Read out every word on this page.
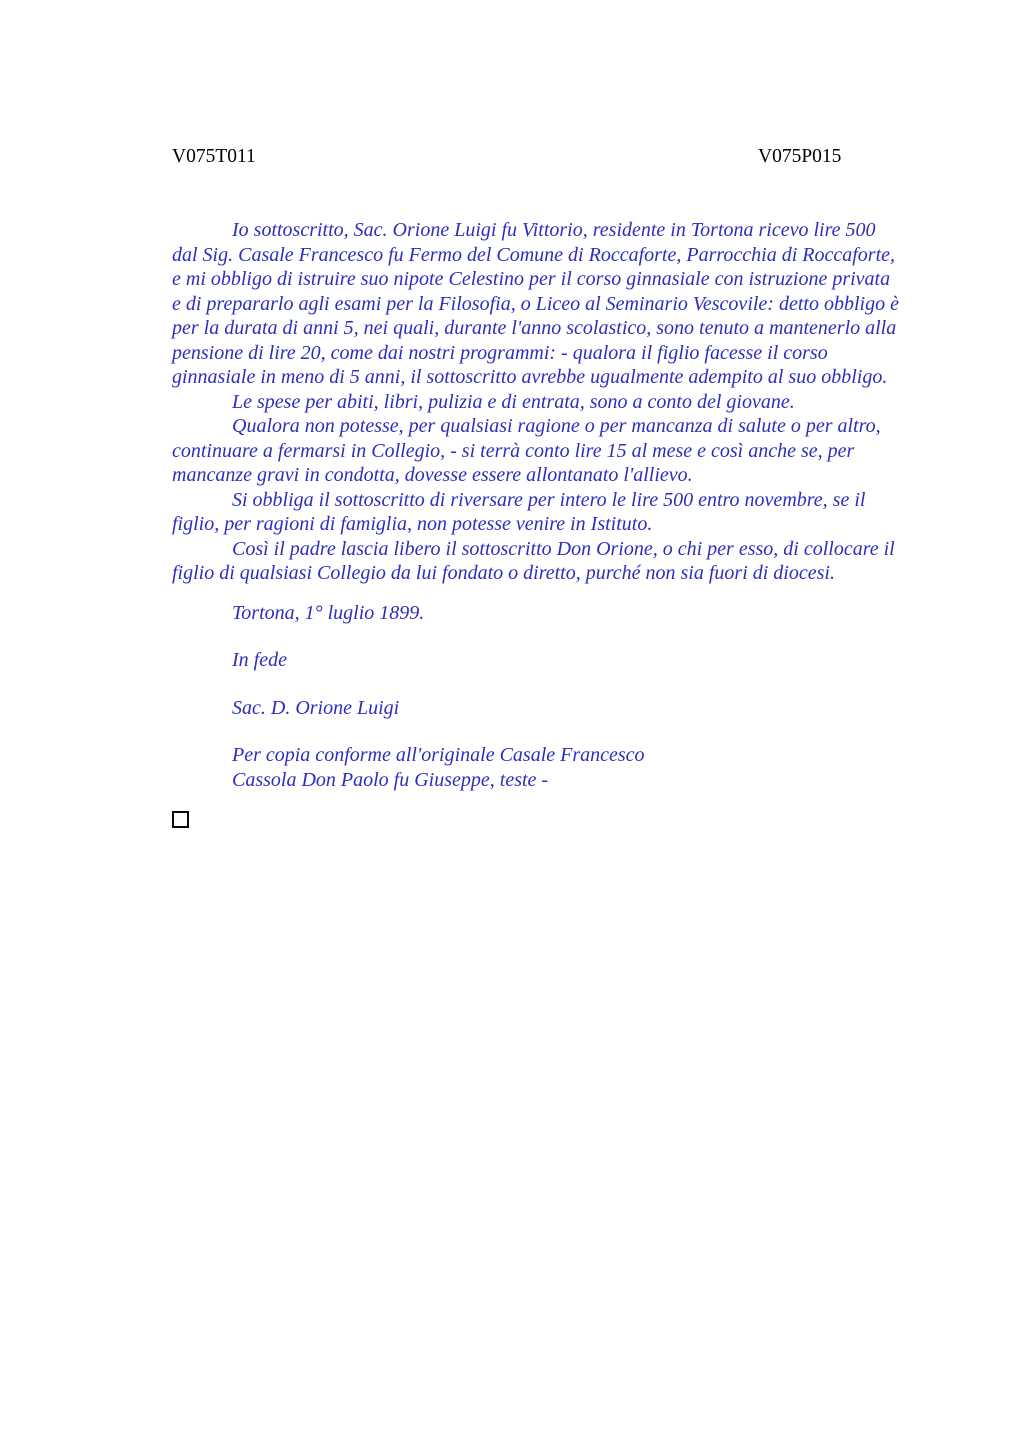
V075T011	V075P015
Io sottoscritto, Sac. Orione Luigi fu Vittorio, residente in Tortona ricevo lire 500
dal Sig. Casale Francesco fu Fermo del Comune di Roccaforte, Parrocchia di Roccaforte,
e mi obbligo di istruire suo nipote Celestino per il corso ginnasiale con istruzione privata
e di prepararlo agli esami per la Filosofia, o Liceo al Seminario Vescovile: detto obbligo è
per la durata di anni 5, nei quali, durante l'anno scolastico, sono tenuto a mantenerlo alla
pensione di lire 20, come dai nostri programmi: - qualora il figlio facesse il corso
ginnasiale in meno di 5 anni, il sottoscritto avrebbe ugualmente adempito al suo obbligo.
Le spese per abiti, libri, pulizia e di entrata, sono a conto del giovane.
Qualora non potesse, per qualsiasi ragione o per mancanza di salute o per altro,
continuare a fermarsi in Collegio, - si terrà conto lire 15 al mese e così anche se, per
mancanze gravi in condotta, dovesse essere allontanato l'allievo.
Si obbliga il sottoscritto di riversare per intero le lire 500 entro novembre, se il
figlio, per ragioni di famiglia, non potesse venire in Istituto.
Così il padre lascia libero il sottoscritto Don Orione, o chi per esso, di collocare il
figlio di qualsiasi Collegio da lui fondato o diretto, purché non sia fuori di diocesi.
Tortona, 1° luglio 1899.
In fede
Sac. D. Orione Luigi
Per copia conforme all'originale Casale Francesco
Cassola Don Paolo fu Giuseppe, teste -
